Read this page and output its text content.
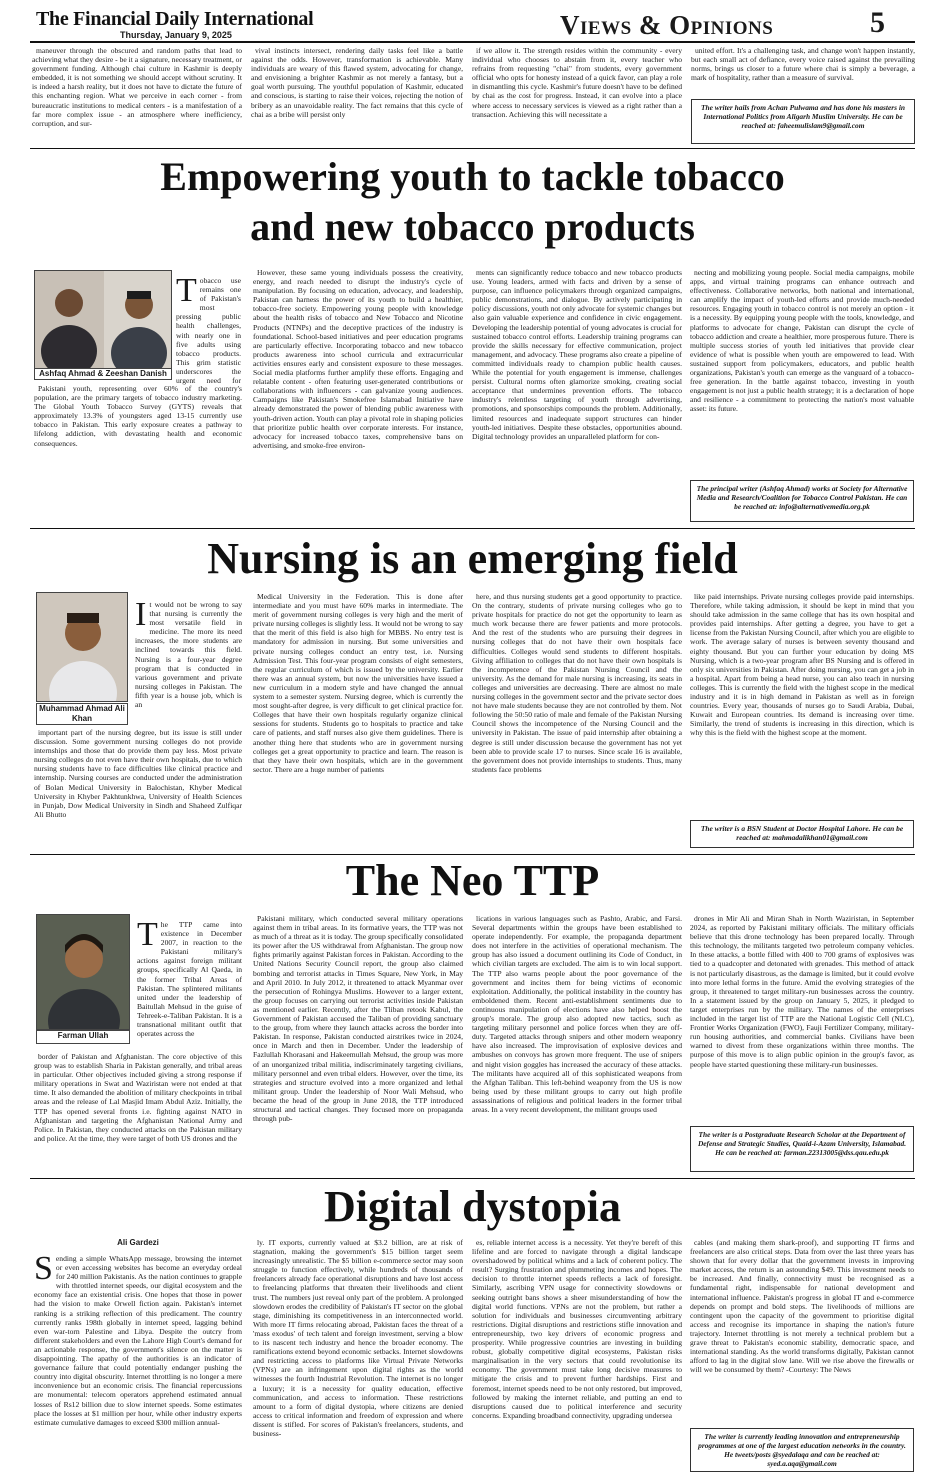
The Financial Daily International
Thursday, January 9, 2025	Views & Opinions	5

maneuver through the obscured and random paths that lead to achieving what they desire - be it a signature, necessary treatment, or government funding. Although chai culture in Kashmir is deeply embedded, it is not something we should accept without scrutiny. It is indeed a harsh reality, but it does not have to dictate the future of this enchanting region. What we perceive in each corner - from bureaucratic institutions to medical centers - is a manifestation of a far more complex issue - an atmosphere where inefficiency, corruption, and sur-

vival instincts intersect, rendering daily tasks feel like a battle against the odds. However, transformation is achievable. Many individuals are weary of this flawed system, advocating for change, and envisioning a brighter Kashmir as not merely a fantasy, but a goal worth pursuing. The youthful population of Kashmir, educated and conscious, is starting to raise their voices, rejecting the notion of bribery as an unavoidable reality. The fact remains that this cycle of chai as a bribe will persist only

if we allow it. The strength resides within the community - every individual who chooses to abstain from it, every teacher who refrains from requesting "chai" from students, every government official who opts for honesty instead of a quick favor, can play a role in dismantling this cycle. Kashmir's future doesn't have to be defined by chai as the cost for progress. Instead, it can evolve into a place where access to necessary services is viewed as a right rather than a transaction. Achieving this will necessitate a

united effort. It's a challenging task, and change won't happen instantly, but each small act of defiance, every voice raised against the prevailing norms, brings us closer to a future where chai is simply a beverage, a mark of hospitality, rather than a measure of survival.

The writer hails from Achan Pulwama and has done his masters in International Politics from Aligarh Muslim University. He can be reached at: faheemulislam9@gmail.com
Empowering youth to tackle tobacco
and new tobacco products
Ashfaq Ahmad & Zeeshan Danish

Tobacco use remains one of Pakistan's most pressing public health challenges, with nearly one in five adults using tobacco products. This grim statistic underscores the urgent need for

Pakistani youth, representing over 60% of the country's population, are the primary targets of tobacco industry marketing. The Global Youth Tobacco Survey (GYTS) reveals that approximately 13.3% of youngsters aged 13-15 currently use tobacco in Pakistan. This early exposure creates a pathway to lifelong addiction, with devastating health and economic consequences.

However, these same young individuals possess the creativity, energy, and reach needed to disrupt the industry's cycle of manipulation. By focusing on education, advocacy, and leadership, Pakistan can harness the power of its youth to build a healthier, tobacco-free society. Empowering young people with knowledge about the health risks of tobacco and New Tobacco and Nicotine Products (NTNPs) and the deceptive practices of the industry is foundational. School-based initiatives and peer education programs are particularly effective. Incorporating tobacco and new tobacco products awareness into school curricula and extracurricular activities ensures early and consistent exposure to these messages. Social media platforms further amplify these efforts. Engaging and relatable content - often featuring user-generated contributions or collaborations with influencers - can galvanize young audiences. Campaigns like Pakistan's Smokefree Islamabad Initiative have already demonstrated the power of blending public awareness with youth-driven action. Youth can play a pivotal role in shaping policies that prioritize public health over corporate interests. For instance, advocacy for increased tobacco taxes, comprehensive bans on advertising, and smoke-free environ-

ments can significantly reduce tobacco and new tobacco products use. Young leaders, armed with facts and driven by a sense of purpose, can influence policymakers through organized campaigns, public demonstrations, and dialogue. By actively participating in policy discussions, youth not only advocate for systemic changes but also gain valuable experience and confidence in civic engagement. Developing the leadership potential of young advocates is crucial for sustained tobacco control efforts. Leadership training programs can provide the skills necessary for effective communication, project management, and advocacy. These programs also create a pipeline of committed individuals ready to champion public health causes. While the potential for youth engagement is immense, challenges persist. Cultural norms often glamorize smoking, creating social acceptance that undermines prevention efforts. The tobacco industry's relentless targeting of youth through advertising, promotions, and sponsorships compounds the problem. Additionally, limited resources and inadequate support structures can hinder youth-led initiatives. Despite these obstacles, opportunities abound. Digital technology provides an unparalleled platform for con-

necting and mobilizing young people. Social media campaigns, mobile apps, and virtual training programs can enhance outreach and effectiveness. Collaborative networks, both national and international, can amplify the impact of youth-led efforts and provide much-needed resources. Engaging youth in tobacco control is not merely an option - it is a necessity. By equipping young people with the tools, knowledge, and platforms to advocate for change, Pakistan can disrupt the cycle of tobacco addiction and create a healthier, more prosperous future. There is multiple success stories of youth led initiatives that provide clear evidence of what is possible when youth are empowered to lead. With sustained support from policymakers, educators, and public health organizations, Pakistan's youth can emerge as the vanguard of a tobacco-free generation. In the battle against tobacco, investing in youth engagement is not just a public health strategy; it is a declaration of hope and resilience - a commitment to protecting the nation's most valuable asset: its future.

The principal writer (Ashfaq Ahmad) works at Society for Alternative Media and Research/Coalition for Tobacco Control Pakistan. He can be reached at: info@alternativemedia.org.pk
Nursing is an emerging field
Muhammad Ahmad Ali Khan

It would not be wrong to say that nursing is currently the most versatile field in medicine. The more its need increases, the more students are inclined towards this field. Nursing is a four-year degree program that is conducted in various government and private nursing colleges in Pakistan. The fifth year is a house job, which is an

important part of the nursing degree, but its issue is still under discussion. Some government nursing colleges do not provide internships and those that do provide them pay less. Most private nursing colleges do not even have their own hospitals, due to which nursing students have to face difficulties like clinical practice and internship. Nursing courses are conducted under the administration of Bolan Medical University in Balochistan, Khyber Medical University in Khyber Pakhtunkhwa, University of Health Sciences in Punjab, Dow Medical University in Sindh and Shaheed Zulfiqar Ali Bhutto

Medical University in the Federation. This is done after intermediate and you must have 60% marks in intermediate. The merit of government nursing colleges is very high and the merit of private nursing colleges is slightly less. It would not be wrong to say that the merit of this field is also high for MBBS. No entry test is mandatory for admission in nursing. But some universities and private nursing colleges conduct an entry test, i.e. Nursing Admission Test. This four-year program consists of eight semesters, the regular curriculum of which is issued by the university. Earlier there was an annual system, but now the universities have issued a new curriculum in a modern style and have changed the annual system to a semester system. Nursing degree, which is currently the most sought-after degree, is very difficult to get clinical practice for. Colleges that have their own hospitals regularly organize clinical sessions for students. Students go to hospitals to practice and take care of patients, and staff nurses also give them guidelines. There is another thing here that students who are in government nursing colleges get a great opportunity to practice and learn. The reason is that they have their own hospitals, which are in the government sector. There are a huge number of patients

here, and thus nursing students get a good opportunity to practice. On the contrary, students of private nursing colleges who go to private hospitals for practice do not get the opportunity to learn as much work because there are fewer patients and more protocols. And the rest of the students who are pursuing their degrees in nursing colleges that do not have their own hospitals face difficulties. Colleges would send students to different hospitals. Giving affiliation to colleges that do not have their own hospitals is the incompetence of the Pakistan Nursing Council and the university. As the demand for male nursing is increasing, its seats in colleges and universities are decreasing. There are almost no male nursing colleges in the government sector and the private sector does not have male students because they are not controlled by them. Not following the 50:50 ratio of male and female of the Pakistan Nursing Council shows the incompetence of the Nursing Council and the university in Pakistan. The issue of paid internship after obtaining a degree is still under discussion because the government has not yet been able to provide scale 17 to nurses. Since scale 16 is available, the government does not provide internships to students. Thus, many students face problems

like paid internships. Private nursing colleges provide paid internships. Therefore, while taking admission, it should be kept in mind that you should take admission in the same college that has its own hospital and provides paid internships. After getting a degree, you have to get a license from the Pakistan Nursing Council, after which you are eligible to work. The average salary of nurses is between seventy thousand and eighty thousand. But you can further your education by doing MS Nursing, which is a two-year program after BS Nursing and is offered in only six universities in Pakistan. After doing nursing, you can get a job in a hospital. Apart from being a head nurse, you can also teach in nursing colleges. This is currently the field with the highest scope in the medical industry and it is in high demand in Pakistan as well as in foreign countries. Every year, thousands of nurses go to Saudi Arabia, Dubai, Kuwait and European countries. Its demand is increasing over time. Similarly, the trend of students is increasing in this direction, which is why this is the field with the highest scope at the moment.

The writer is a BSN Student at Doctor Hospital Lahore. He can be reached at: mahmadalikhan01@gmail.com
The Neo TTP
Farman Ullah

The TTP came into existence in December 2007, in reaction to the Pakistani military's actions against foreign militant groups, specifically Al Qaeda, in the former Tribal Areas of Pakistan. The splintered militants united under the leadership of Baitullah Mehsud in the guise of Tehreek-e-Taliban Pakistan. It is a transnational militant outfit that operates across the

border of Pakistan and Afghanistan. The core objective of this group was to establish Sharia in Pakistan generally, and tribal areas in particular. Other objectives included giving a strong response if military operations in Swat and Waziristan were not ended at that time. It also demanded the abolition of military checkpoints in tribal areas and the release of Lal Masjid Imam Abdul Aziz. Initially, the TTP has opened several fronts i.e. fighting against NATO in Afghanistan and targeting the Afghanistan National Army and Police. In Pakistan, they conducted attacks on the Pakistan military and police. At the time, they were target of both US drones and the

Pakistani military, which conducted several military operations against them in tribal areas. In its formative years, the TTP was not as much of a threat as it is today. The group specifically consolidated its power after the US withdrawal from Afghanistan. The group now fights primarily against Pakistan forces in Pakistan. According to the United Nations Security Council report, the group also claimed bombing and terrorist attacks in Times Square, New York, in May and April 2010. In July 2012, it threatened to attack Myanmar over the persecution of Rohingya Muslims. However to a larger extent, the group focuses on carrying out terrorist activities inside Pakistan as mentioned earlier. Recently, after the Tliban retook Kabul, the Government of Pakistan accused the Taliban of providing sanctuary to the group, from where they launch attacks across the border into Pakistan. In response, Pakistan conducted airstrikes twice in 2024, once in March and then in December. Under the leadership of Fazlullah Khorasani and Hakeemullah Mehsud, the group was more of an unorganized tribal militia, indiscriminately targeting civilians, military personnel and even tribal elders. However, over the time, its strategies and structure evolved into a more organized and lethal militant group. Under the leadership of Noor Wali Mehsud, who became the head of the group in June 2018, the TTP introduced structural and tactical changes. They focused more on propaganda through pub-

lications in various languages such as Pashto, Arabic, and Farsi. Several departments within the groups have been established to operate independently. For example, the propaganda department does not interfere in the activities of operational mechanism. The group has also issued a document outlining its Code of Conduct, in which civilian targets are excluded. The aim is to win local support. The TTP also warns people about the poor governance of the government and incites them for being victims of economic exploitation. Additionally, the political instability in the country has emboldened them. Recent anti-establishment sentiments due to continuous manipulation of elections have also helped boost the group's morale. The group also adopted new tactics, such as targeting military personnel and police forces when they are off-duty. Targeted attacks through snipers and other modern weaponry have also increased. The improvisation of explosive devices and ambushes on convoys has grown more frequent. The use of snipers and night vision goggles has increased the accuracy of these attacks. The militants have acquired all of this sophisticated weapons from the Afghan Taliban. This left-behind weaponry from the US is now being used by these militant groups to carry out high profile assassinations of religious and political leaders in the former tribal areas. In a very recent development, the militant groups used

drones in Mir Ali and Miran Shah in North Waziristan, in September 2024, as reported by Pakistani military officials. The military officials believe that this drone technology has been prepared locally. Through this technology, the militants targeted two petroleum company vehicles. In these attacks, a bottle filled with 400 to 700 grams of explosives was tied to a quadcopter and detonated with grenades. This method of attack is not particularly disastrous, as the damage is limited, but it could evolve into more lethal forms in the future. Amid the evolving strategies of the group, it threatened to target military-run businesses across the country. In a statement issued by the group on January 5, 2025, it pledged to target enterprises run by the military. The names of the enterprises included in the target list of TTP are the National Logistic Cell (NLC), Frontier Works Organization (FWO), Fauji Fertilizer Company, military-run housing authorities, and commercial banks. Civilians have been warned to divest from these organizations within three months. The purpose of this move is to align public opinion in the group's favor, as people have started questioning these military-run businesses.

The writer is a Postgraduate Research Scholar at the Department of Defense and Strategic Studies, Quaid-i-Azam University, Islamabad. He can be reached at: farman.22313005@dss.qau.edu.pk
Digital dystopia
Ali Gardezi

Sending a simple WhatsApp message, browsing the internet or even accessing websites has become an everyday ordeal for 240 million Pakistanis. As the nation continues to grapple with throttled internet speeds, our digital ecosystem and the economy face an existential crisis. One hopes that those in power had the vision to make Orwell fiction again. Pakistan's internet ranking is a striking reflection of this predicament. The country currently ranks 198th globally in internet speed, lagging behind even war-torn Palestine and Libya. Despite the outcry from different stakeholders and even the Lahore High Court's demand for an actionable response, the government's silence on the matter is disappointing. The apathy of the authorities is an indicator of governance failure that could potentially endanger pushing the country into digital obscurity. Internet throttling is no longer a mere inconvenience but an economic crisis. The financial repercussions are monumental: telecom operators apprehend estimated annual losses of Rs12 billion due to slow internet speeds. Some estimates place the losses at $1 million per hour, while other industry experts estimate cumulative damages to exceed $300 million annual-

ly. IT exports, currently valued at $3.2 billion, are at risk of stagnation, making the government's $15 billion target seem increasingly unrealistic. The $5 billion e-commerce sector may soon struggle to function effectively, while hundreds of thousands of freelancers already face operational disruptions and have lost access to freelancing platforms that threaten their livelihoods and client trust. The numbers just reveal only part of the problem. A prolonged slowdown erodes the credibility of Pakistan's IT sector on the global stage, diminishing its competitiveness in an interconnected world. With more IT firms relocating abroad, Pakistan faces the threat of a 'mass exodus' of tech talent and foreign investment, serving a blow to its nascent tech industry and hence the broader economy. The ramifications extend beyond economic setbacks. Internet slowdowns and restricting access to platforms like Virtual Private Networks (VPNs) are an infringement upon digital rights as the world witnesses the fourth Industrial Revolution. The internet is no longer a luxury; it is a necessity for quality education, effective communication, and access to information. These restrictions amount to a form of digital dystopia, where citizens are denied access to critical information and freedom of expression and where dissent is stifled. For scores of Pakistan's freelancers, students, and business-

es, reliable internet access is a necessity. Yet they're bereft of this lifeline and are forced to navigate through a digital landscape overshadowed by political whims and a lack of coherent policy. The result? Surging frustration and plummeting incomes and hopes. The decision to throttle internet speeds reflects a lack of foresight. Similarly, ascribing VPN usage for connectivity slowdowns or seeking outright bans shows a sheer misunderstanding of how the digital world functions. VPNs are not the problem, but rather a solution for individuals and businesses circumventing arbitrary restrictions. Digital disruptions and restrictions stifle innovation and entrepreneurship, two key drivers of economic progress and prosperity. While progressive countries are investing in building robust, globally competitive digital ecosystems, Pakistan risks marginalisation in the very sectors that could revolutionise its economy. The government must take long decisive measures to mitigate the crisis and to prevent further hardships. First and foremost, internet speeds need to be not only restored, but improved, followed by making the internet reliable, and putting an end to disruptions caused due to political interference and security concerns. Expanding broadband connectivity, upgrading undersea

cables (and making them shark-proof), and supporting IT firms and freelancers are also critical steps. Data from over the last three years has shown that for every dollar that the government invests in improving market access, the return is an astounding $49. This investment needs to be increased. And finally, connectivity must be recognised as a fundamental right, indispensable for national development and international influence. Pakistan's progress in global IT and e-commerce depends on prompt and bold steps. The livelihoods of millions are contingent upon the capacity of the government to prioritise digital access and recognise its importance in shaping the nation's future trajectory. Internet throttling is not merely a technical problem but a grave threat to Pakistan's economic stability, democratic space, and international standing. As the world transforms digitally, Pakistan cannot afford to lag in the digital slow lane. Will we rise above the firewalls or will we be consumed by them? -Courtesy: The News

The writer is currently leading innovation and entrepreneurship programmes at one of the largest education networks in the country. He tweets/posts @syedalaqa and can be reached at: syed.a.aqa@gmail.com
